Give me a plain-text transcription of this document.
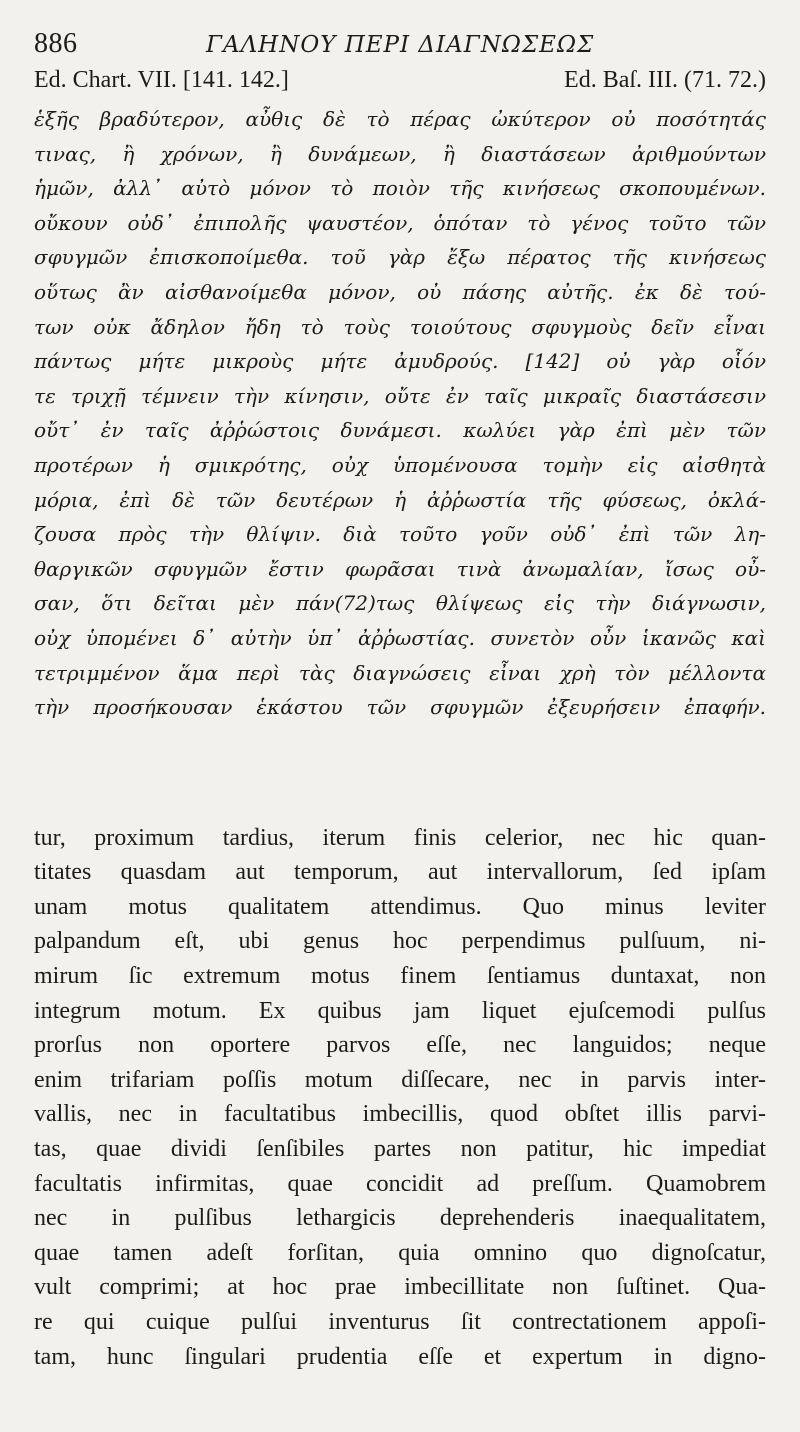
886	ΓΑΛΗΝΟΥ ΠΕΡΙ ΔΙΑΓΝΩΣΕΩΣ
Ed. Chart. VII. [141. 142.]	Ed. Baſ. III. (71. 72.)
ἑξῆς βραδύτερον, αὖθις δὲ τὸ πέρας ὠκύτερον οὐ ποσότητάς
τινας, ἢ χρόνων, ἢ δυνάμεων, ἢ διαστάσεων ἀριθμούντων
ἡμῶν, ἀλλ᾽ αὐτὸ μόνον τὸ ποιὸν τῆς κινήσεως σκοπουμένων.
οὔκουν οὐδ᾽ ἐπιπολῆς ψαυστέον, ὁπόταν τὸ γένος τοῦτο τῶν
σφυγμῶν ἐπισκοποίμεθα. τοῦ γὰρ ἔξω πέρατος τῆς κινήσεως
οὕτως ἂν αἰσθανοίμεθα μόνον, οὐ πάσης αὐτῆς. ἐκ δὲ τού-
των οὐκ ἄδηλον ἤδη τὸ τοὺς τοιούτους σφυγμοὺς δεῖν εἶναι
πάντως μήτε μικροὺς μήτε ἀμυδρούς. [142] οὐ γὰρ οἷόν
τε τριχῇ τέμνειν τὴν κίνησιν, οὔτε ἐν ταῖς μικραῖς διαστάσεσιν
οὔτ᾽ ἐν ταῖς ἀῤῥώστοις δυνάμεσι. κωλύει γὰρ ἐπὶ μὲν τῶν
προτέρων ἡ σμικρότης, οὐχ ὑπομένουσα τομὴν εἰς αἰσθητὰ
μόρια, ἐπὶ δὲ τῶν δευτέρων ἡ ἀῤῥωστία τῆς φύσεως, ὀκλά-
ζουσα πρὸς τὴν θλίψιν. διὰ τοῦτο γοῦν οὐδ᾽ ἐπὶ τῶν λη-
θαργικῶν σφυγμῶν ἔστιν φωρᾶσαι τινὰ ἀνωμαλίαν, ἴσως οὖ-
σαν, ὅτι δεῖται μὲν πάν(72)τως θλίψεως εἰς τὴν διάγνωσιν,
οὐχ ὑπομένει δ᾽ αὐτὴν ὑπ᾽ ἀῤῥωστίας. συνετὸν οὖν ἱκανῶς καὶ
τετριμμένον ἅμα περὶ τὰς διαγνώσεις εἶναι χρὴ τὸν μέλλοντα
τὴν προσήκουσαν ἑκάστου τῶν σφυγμῶν ἐξευρήσειν ἐπαφήν.
tur, proximum tardius, iterum finis celerior, nec hic quan-
titates quasdam aut temporum, aut intervallorum, ſed ipſam
unam motus qualitatem attendimus. Quo minus leviter
palpandum eſt, ubi genus hoc perpendimus pulſuum, ni-
mirum ſic extremum motus finem ſentiamus duntaxat, non
integrum motum. Ex quibus jam liquet ejuſcemodi pulſus
prorſus non oportere parvos eſſe, nec languidos; neque
enim trifariam poſſis motum diſſecare, nec in parvis inter-
vallis, nec in facultatibus imbecillis, quod obſtet illis parvi-
tas, quae dividi ſenſibiles partes non patitur, hic impediat
facultatis infirmitas, quae concidit ad preſſum. Quamobrem
nec in pulſibus lethargicis deprehenderis inaequalitatem,
quae tamen adeſt forſitan, quia omnino quo dignoſcatur,
vult comprimi; at hoc prae imbecillitate non ſuſtinet. Qua-
re qui cuique pulſui inventurus ſit contrectationem appoſi-
tam, hunc ſingulari prudentia eſſe et expertum in digno-
